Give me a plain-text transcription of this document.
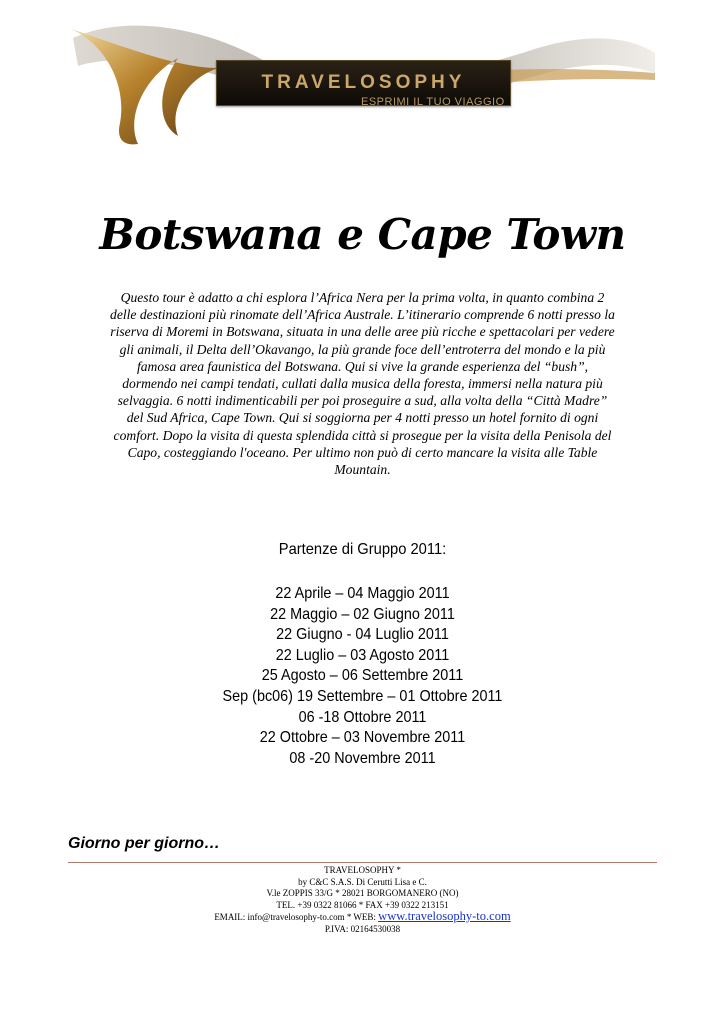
TRAVELOSOPHY
ESPRIMI IL TUO VIAGGIO
Botswana e Cape Town
Questo tour è adatto a chi esplora l’Africa Nera per la prima volta, in quanto combina 2 delle destinazioni più rinomate dell’Africa Australe. L’itinerario comprende 6 notti presso la riserva di Moremi in Botswana, situata in una delle aree più ricche e spettacolari per vedere gli animali, il Delta dell’Okavango, la più grande foce dell’entroterra del mondo e la più famosa area faunistica del Botswana. Qui si vive la grande esperienza del “bush”, dormendo nei campi tendati, cullati dalla musica della foresta, immersi nella natura più selvaggia. 6 notti indimenticabili per poi proseguire a sud, alla volta della “Città Madre” del Sud Africa, Cape Town. Qui si soggiorna per 4 notti presso un hotel fornito di ogni comfort. Dopo la visita di questa splendida città si prosegue per la visita della Penisola del Capo, costeggiando l'oceano. Per ultimo non può di certo mancare la visita alle Table Mountain.
Partenze di Gruppo 2011:
22 Aprile – 04 Maggio 2011
22 Maggio – 02 Giugno 2011
22 Giugno - 04 Luglio 2011
22 Luglio – 03 Agosto 2011
25 Agosto – 06 Settembre 2011
Sep (bc06) 19 Settembre – 01 Ottobre 2011
06 -18 Ottobre 2011
22 Ottobre – 03 Novembre 2011
08 -20 Novembre 2011
Giorno per giorno…
TRAVELOSOPHY *
by C&C S.A.S. Di Cerutti Lisa e C.
V.le ZOPPIS 33/G * 28021 BORGOMANERO (NO)
TEL. +39 0322 81066 * FAX +39 0322 213151
EMAIL: info@travelosophy-to.com * WEB: www.travelosophy-to.com
P.IVA: 02164530038
